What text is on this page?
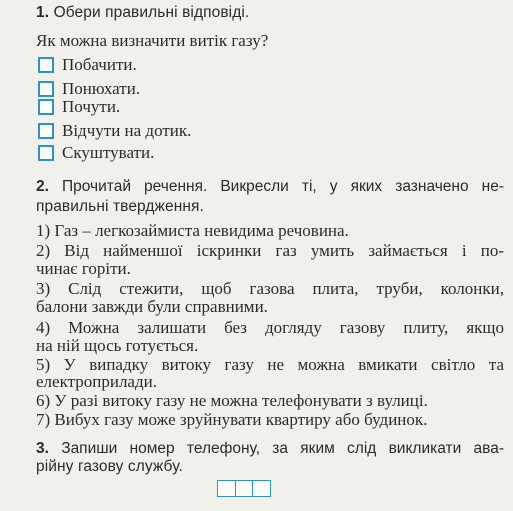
1. Обери правильні відповіді.
Як можна визначити витік газу?
Побачити.
Понюхати.
Почути.
Відчути на дотик.
Скуштувати.
2. Прочитай речення. Викресли ті, у яких зазначено не-
правильні твердження.
1) Газ – легкозаймиста невидима речовина.
2) Від найменшої іскринки газ умить займається і по-
чинає горіти.
3) Слід стежити, щоб газова плита, труби, колонки,
балони завжди були справними.
4) Можна залишати без догляду газову плиту, якщо
на ній щось готується.
5) У випадку витоку газу не можна вмикати світло та
електроприлади.
6) У разі витоку газу не можна телефонувати з вулиці.
7) Вибух газу може зруйнувати квартиру або будинок.
3. Запиши номер телефону, за яким слід викликати ава-
рійну газову службу.
